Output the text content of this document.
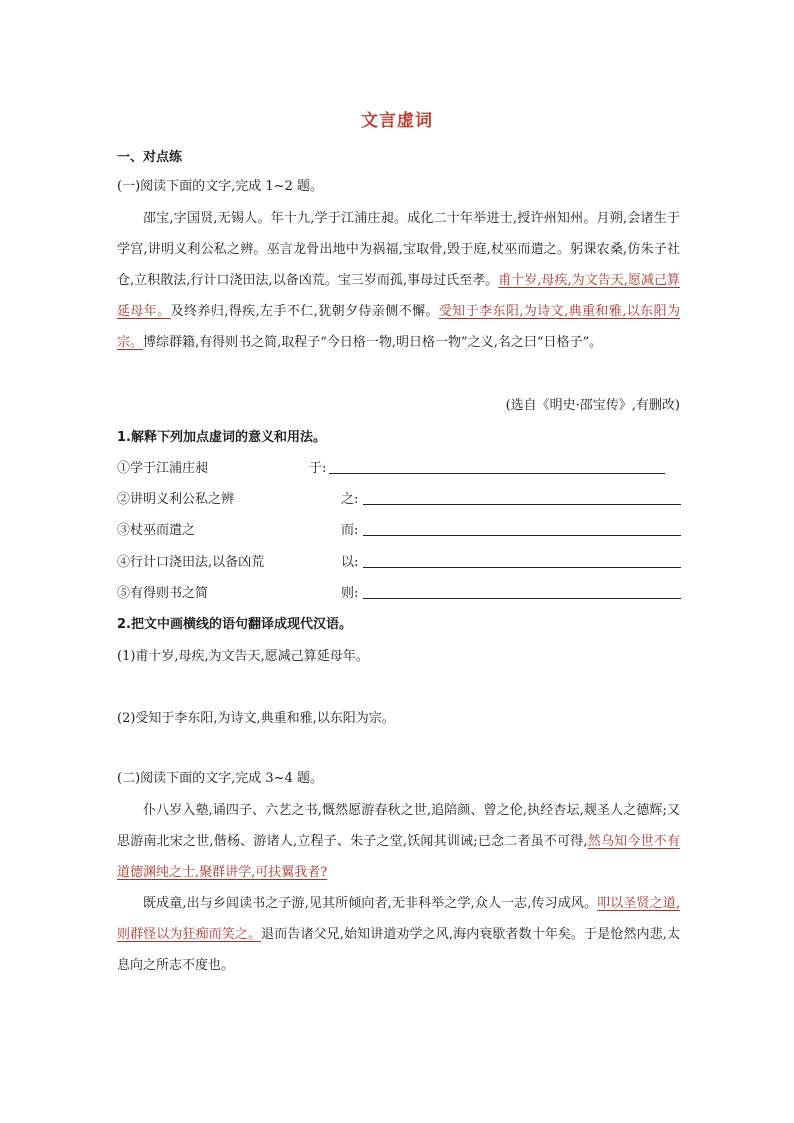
文言虚词
一、对点练
(一)阅读下面的文字,完成 1~2 题。
邵宝,字国贤,无锡人。年十九,学于江浦庄昶。成化二十年举进士,授许州知州。月朔,会诸生于学宫,讲明义利公私之辨。巫言龙骨出地中为祸福,宝取骨,毁于庭,杖巫而遣之。躬课农桑,仿朱子社仓,立积散法,行计口浇田法,以备凶荒。宝三岁而孤,事母过氏至孝。甫十岁,母疾,为文告天,愿减己算延母年。及终养归,得疾,左手不仁,犹朝夕侍亲侧不懈。受知于李东阳,为诗文,典重和雅,以东阳为宗。博综群籍,有得则书之简,取程子“今日格一物,明日格一物”之义,名之曰“日格子”。
(选自《明史·邵宝传》,有删改)
1.解释下列加点虚词的意义和用法。
①学于江浦庄昶	于:
②讲明义利公私之辨	之:
③杖巫而遣之	而:
④行计口浇田法,以备凶荒	以:
⑤有得则书之简	则:
2.把文中画横线的语句翻译成现代汉语。
(1)甫十岁,母疾,为文告天,愿减己算延母年。
(2)受知于李东阳,为诗文,典重和雅,以东阳为宗。
(二)阅读下面的文字,完成 3~4 题。
仆八岁入塾,诵四子、六艺之书,慨然愿游春秋之世,追陪颜、曾之伦,执经杏坛,觌圣人之德辉;又思游南北宋之世,偕杨、游诸人,立程子、朱子之堂,饫闻其训诫;已念二者虽不可得,然乌知今世不有道德渊纯之士,聚群讲学,可扶翼我者?
既成童,出与乡闾读书之子游,见其所倾向者,无非科举之学,众人一志,传习成风。叩以圣贤之道,则群怪以为狂痴而笑之。退而告诸父兄,始知讲道劝学之风,海内衰歇者数十年矣。于是怆然内悲,太息向之所志不度也。
